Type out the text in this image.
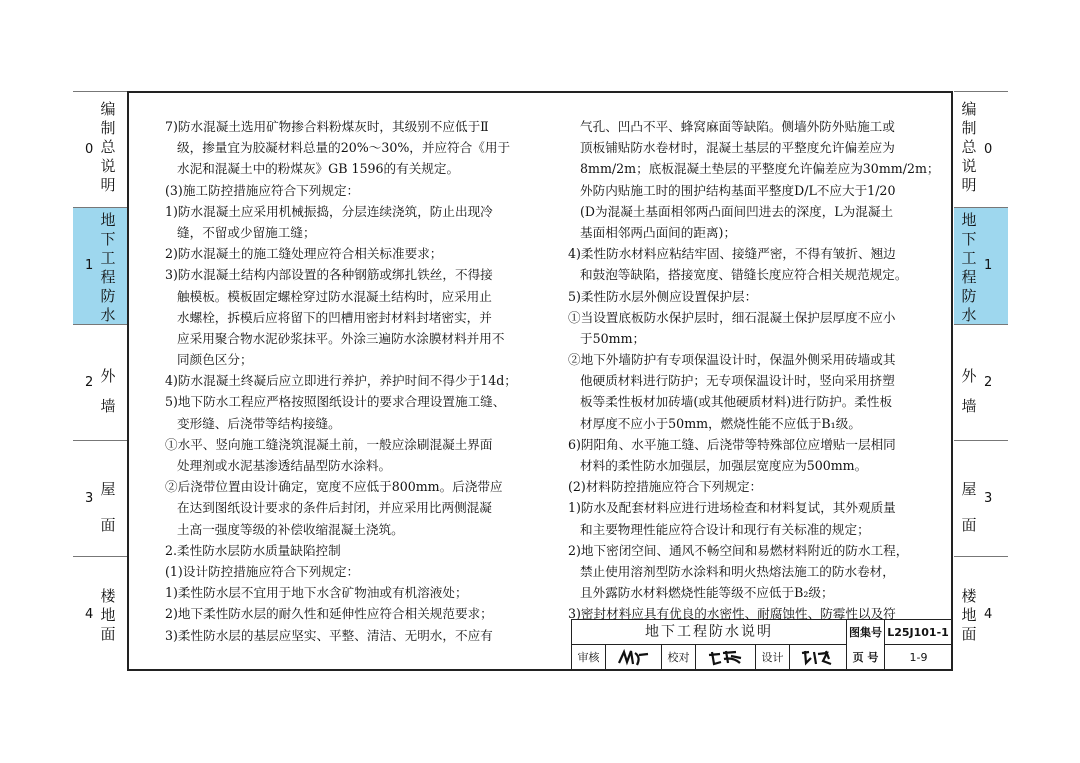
0
编制总说明
1
地下工程防水
2 外墙
3
屋面
4
楼地面
0
编制总说明
1
地下工程防水
2
外墙
3
屋面
4
楼地面
7)防水混凝土选用矿物掺合料粉煤灰时，其级别不应低于Ⅱ
级，掺量宜为胶凝材料总量的20%～30%，并应符合《用于
水泥和混凝土中的粉煤灰》GB 1596的有关规定。
(3)施工防控措施应符合下列规定：
1)防水混凝土应采用机械振捣，分层连续浇筑，防止出现冷
缝，不留或少留施工缝；
2)防水混凝土的施工缝处理应符合相关标准要求；
3)防水混凝土结构内部设置的各种钢筋或绑扎铁丝，不得接
触模板。模板固定螺栓穿过防水混凝土结构时，应采用止
水螺栓，拆模后应将留下的凹槽用密封材料封堵密实，并
应采用聚合物水泥砂浆抹平。外涂三遍防水涂膜材料并用不
同颜色区分；
4)防水混凝土终凝后应立即进行养护，养护时间不得少于14d；
5)地下防水工程应严格按照图纸设计的要求合理设置施工缝、
变形缝、后浇带等结构接缝。
①水平、竖向施工缝浇筑混凝土前，一般应涂刷混凝土界面
处理剂或水泥基渗透结晶型防水涂料。
②后浇带位置由设计确定，宽度不应低于800mm。后浇带应
在达到图纸设计要求的条件后封闭，并应采用比两侧混凝
土高一强度等级的补偿收缩混凝土浇筑。
2.柔性防水层防水质量缺陷控制
(1)设计防控措施应符合下列规定：
1)柔性防水层不宜用于地下水含矿物油或有机溶液处；
2)地下柔性防水层的耐久性和延伸性应符合相关规范要求；
3)柔性防水层的基层应坚实、平整、清洁、无明水，不应有
气孔、凹凸不平、蜂窝麻面等缺陷。侧墙外防外贴施工或
顶板铺贴防水卷材时，混凝土基层的平整度允许偏差应为
8mm/2m；底板混凝土垫层的平整度允许偏差应为30mm/2m；
外防内贴施工时的围护结构基面平整度D/L不应大于1/20
(D为混凝土基面相邻两凸面间凹进去的深度，L为混凝土
基面相邻两凸面间的距离)；
4)柔性防水材料应粘结牢固、接缝严密，不得有皱折、翘边
和鼓泡等缺陷，搭接宽度、错缝长度应符合相关规范规定。
5)柔性防水层外侧应设置保护层：
①当设置底板防水保护层时，细石混凝土保护层厚度不应小
于50mm；
②地下外墙防护有专项保温设计时，保温外侧采用砖墙或其
他硬质材料进行防护；无专项保温设计时，竖向采用挤塑
板等柔性板材加砖墙(或其他硬质材料)进行防护。柔性板
材厚度不应小于50mm，燃烧性能不应低于B₁级。
6)阴阳角、水平施工缝、后浇带等特殊部位应增贴一层相同
材料的柔性防水加强层，加强层宽度应为500mm。
(2)材料防控措施应符合下列规定：
1)防水及配套材料应进行进场检查和材料复试，其外观质量
和主要物理性能应符合设计和现行有关标准的规定；
2)地下密闭空间、通风不畅空间和易燃材料附近的防水工程，
禁止使用溶剂型防水涂料和明火热熔法施工的防水卷材，
且外露防水材料燃烧性能等级不应低于B₂级；
3)密封材料应具有优良的水密性、耐腐蚀性、防霉性以及符
地下工程防水说明	图集号 L25J101-1
审核	校对	设计	页 号	1-9
